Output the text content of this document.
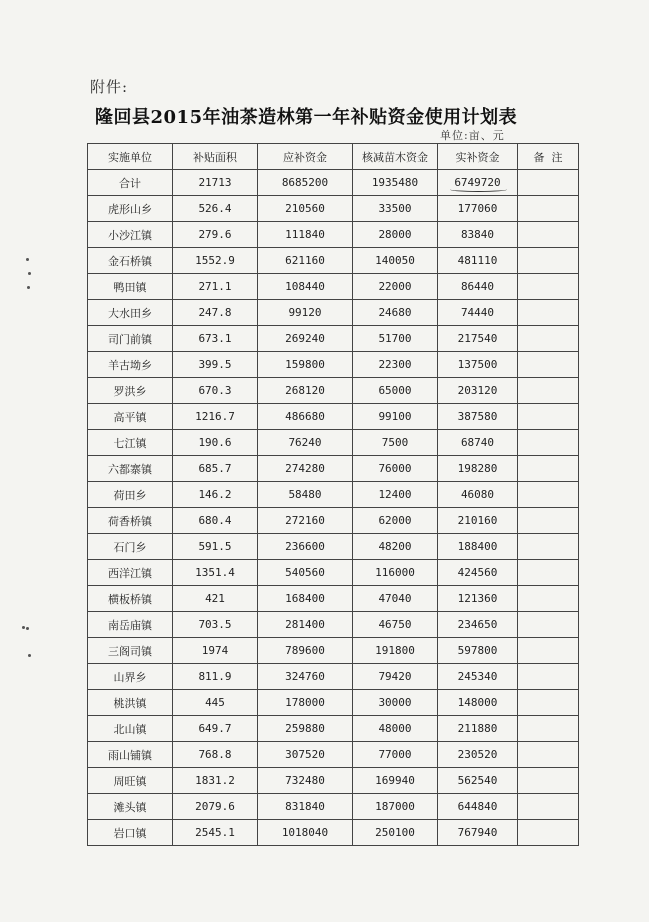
附件:
隆回县2015年油茶造林第一年补贴资金使用计划表
单位:亩、元
实施单位	补贴面积	应补资金	核减苗木资金	实补资金	备  注
合计	21713	8685200	1935480	6749720	
虎形山乡	526.4	210560	33500	177060	
小沙江镇	279.6	111840	28000	83840	
金石桥镇	1552.9	621160	140050	481110	
鸭田镇	271.1	108440	22000	86440	
大水田乡	247.8	99120	24680	74440	
司门前镇	673.1	269240	51700	217540	
羊古坳乡	399.5	159800	22300	137500	
罗洪乡	670.3	268120	65000	203120	
高平镇	1216.7	486680	99100	387580	
七江镇	190.6	76240	7500	68740	
六都寨镇	685.7	274280	76000	198280	
荷田乡	146.2	58480	12400	46080	
荷香桥镇	680.4	272160	62000	210160	
石门乡	591.5	236600	48200	188400	
西洋江镇	1351.4	540560	116000	424560	
横板桥镇	421	168400	47040	121360	
南岳庙镇	703.5	281400	46750	234650	
三阁司镇	1974	789600	191800	597800	
山界乡	811.9	324760	79420	245340	
桃洪镇	445	178000	30000	148000	
北山镇	649.7	259880	48000	211880	
雨山铺镇	768.8	307520	77000	230520	
周旺镇	1831.2	732480	169940	562540	
滩头镇	2079.6	831840	187000	644840	
岩口镇	2545.1	1018040	250100	767940	
